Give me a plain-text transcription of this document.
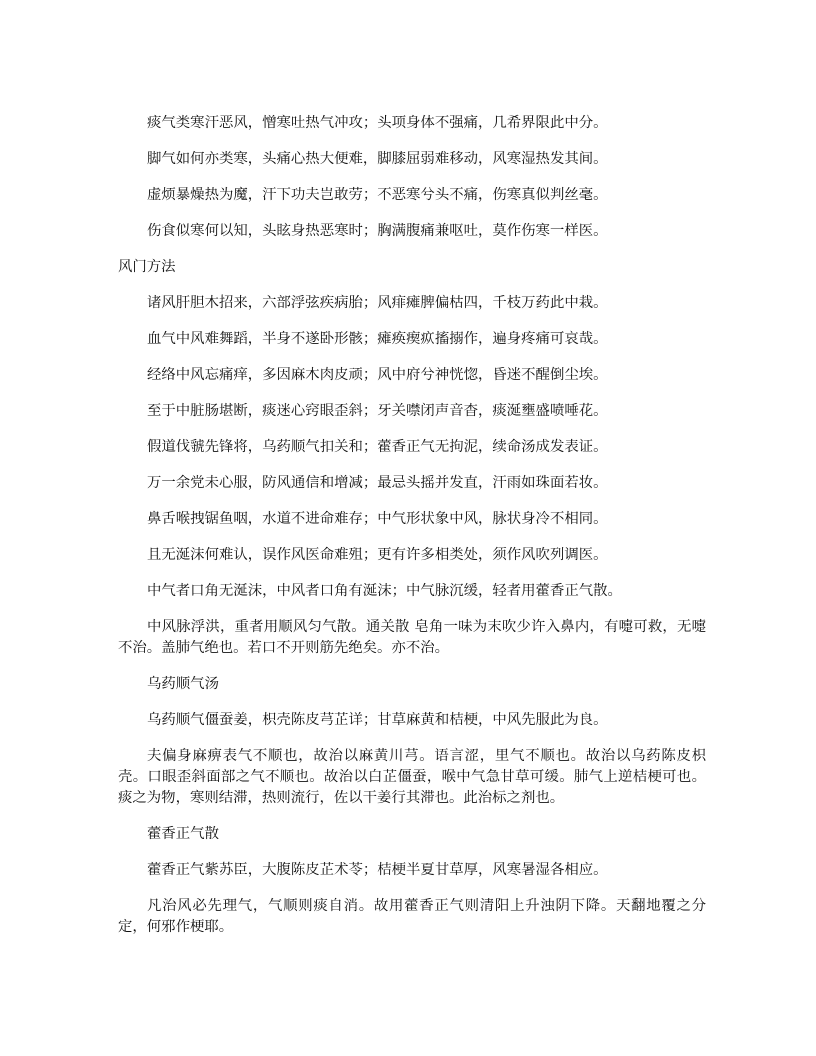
痰气类寒汗恶风，憎寒吐热气冲攻；头项身体不强痛，几希界限此中分。

脚气如何亦类寒，头痛心热大便难，脚膝屈弱难移动，风寒湿热发其间。

虚烦暴燥热为魔，汗下功夫岂敢劳；不恶寒兮头不痛，伤寒真似判丝毫。

伤食似寒何以知，头眩身热恶寒时；胸满腹痛兼呕吐，莫作伤寒一样医。

风门方法

诸风肝胆木招来，六部浮弦疾病胎；风痱瘫脾偏枯四，千枝万药此中栽。

血气中风难舞蹈，半身不遂卧形骸；瘫痪瘈疭搐搦作，遍身疼痛可哀哉。

经络中风忘痛痒，多因麻木肉皮顽；风中府兮神恍惚，昏迷不醒倒尘埃。

至于中脏肠堪断，痰迷心窍眼歪斜；牙关噤闭声音杳，痰涎壅盛喷唾花。

假道伐虢先锋将，乌药顺气扣关和；藿香正气无拘泥，续命汤成发表证。

万一余党未心服，防风通信和增减；最忌头摇并发直，汗雨如珠面若妆。

鼻舌喉拽锯鱼咽，水道不进命难存；中气形状象中风，脉状身冷不相同。

且无涎沫何难认，误作风医命难殂；更有许多相类处，须作风吹列调医。

中气者口角无涎沫，中风者口角有涎沫；中气脉沉缓，轻者用藿香正气散。

中风脉浮洪，重者用顺风匀气散。通关散 皂角一味为末吹少许入鼻内，有嚏可救，无嚏不治。盖肺气绝也。若口不开则筋先绝矣。亦不治。

乌药顺气汤

乌药顺气僵蚕姜，枳壳陈皮芎芷详；甘草麻黄和桔梗，中风先服此为良。

夫偏身麻痹表气不顺也，故治以麻黄川芎。语言涩，里气不顺也。故治以乌药陈皮枳壳。口眼歪斜面部之气不顺也。故治以白芷僵蚕，喉中气急甘草可缓。肺气上逆桔梗可也。痰之为物，寒则结滞，热则流行，佐以干姜行其滞也。此治标之剂也。

藿香正气散

藿香正气紫苏臣，大腹陈皮芷术苓；桔梗半夏甘草厚，风寒暑湿各相应。

凡治风必先理气，气顺则痰自消。故用藿香正气则清阳上升浊阴下降。天翻地覆之分定，何邪作梗耶。
